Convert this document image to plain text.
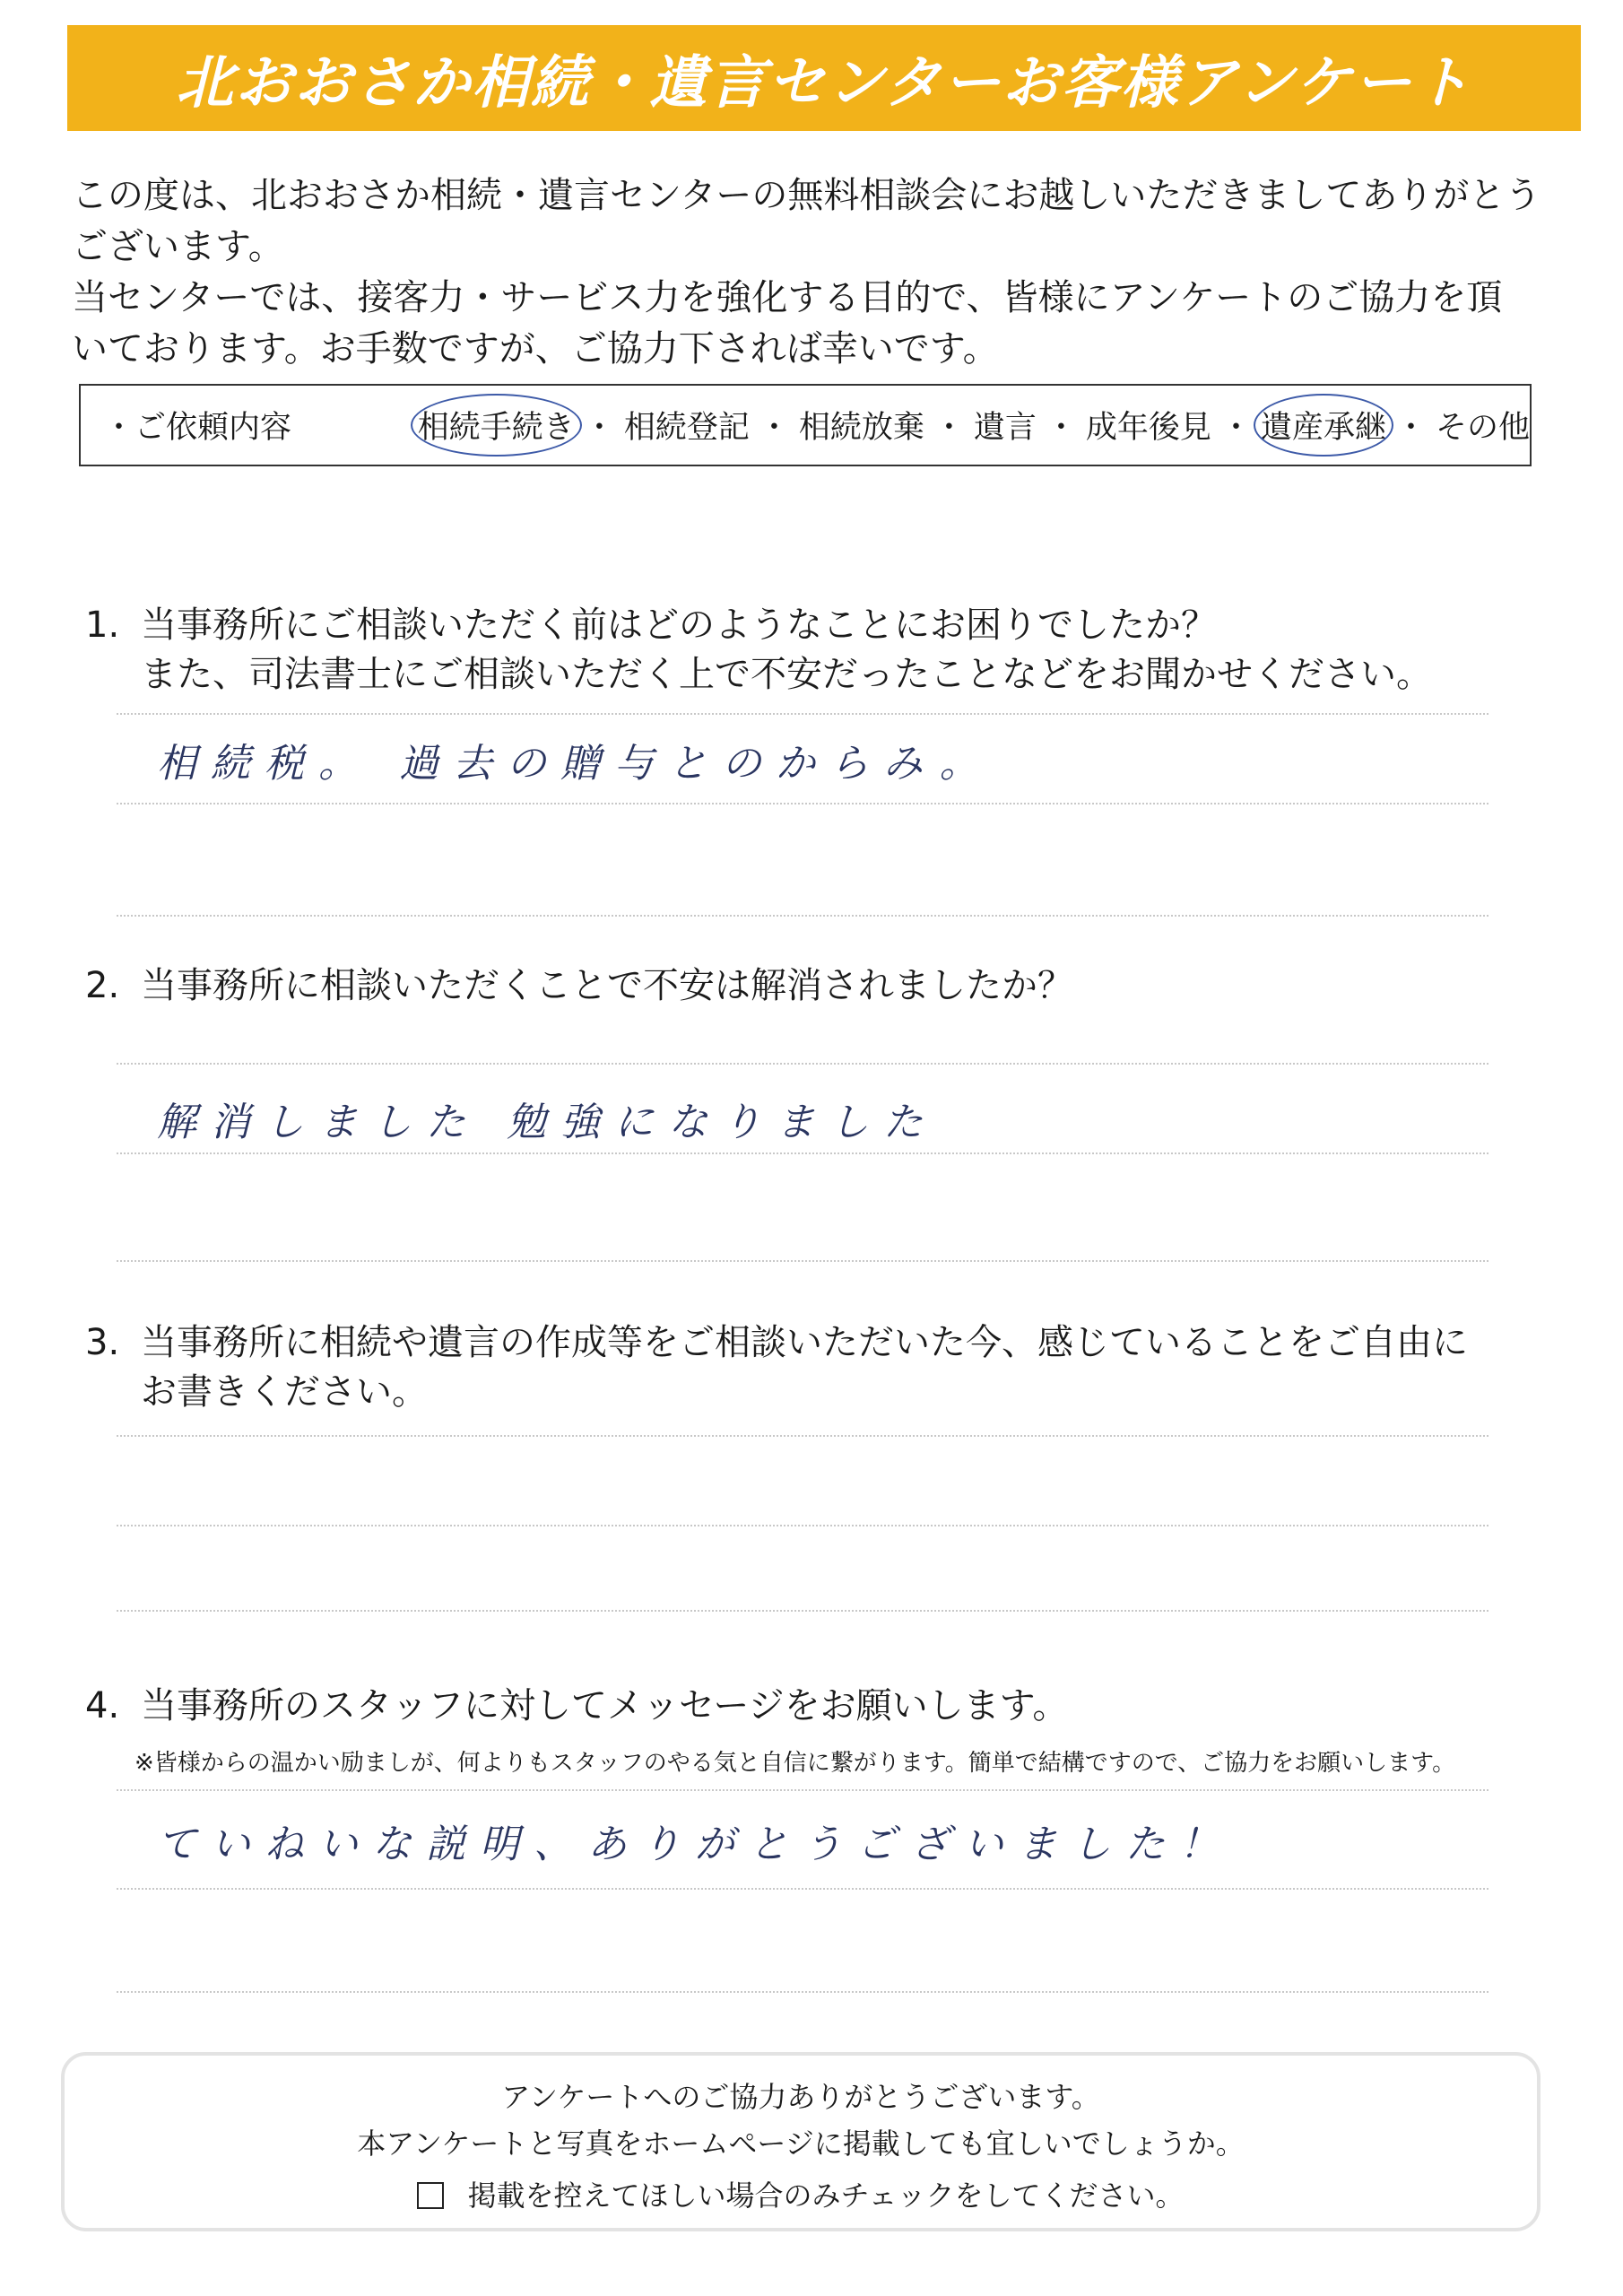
北おおさか相続・遺言センターお客様アンケート

この度は、北おおさか相続・遺言センターの無料相談会にお越しいただきましてありがとう

ございます。

当センターでは、接客力・サービス力を強化する目的で、皆様にアンケートのご協力を頂

いております。お手数ですが、ご協力下されば幸いです。

・ご依頼内容	相続手続き ・ 相続登記 ・ 相続放棄 ・ 遺言 ・ 成年後見 ・ 遺産承継 ・ その他
1. 当事務所にご相談いただく前はどのようなことにお困りでしたか？
また、司法書士にご相談いただく上で不安だったことなどをお聞かせください。
相続税。 過去の贈与とのからみ。
2. 当事務所に相談いただくことで不安は解消されましたか？
解消しました 勉強になりました
3. 当事務所に相続や遺言の作成等をご相談いただいた今、感じていることをご自由に
お書きください。
4. 当事務所のスタッフに対してメッセージをお願いします。
※皆様からの温かい励ましが、何よりもスタッフのやる気と自信に繋がります。簡単で結構ですので、ご協力をお願いします。
ていねいな説明、ありがとうございました！

アンケートへのご協力ありがとうございます。

本アンケートと写真をホームページに掲載しても宜しいでしょうか。

掲載を控えてほしい場合のみチェックをしてください。
